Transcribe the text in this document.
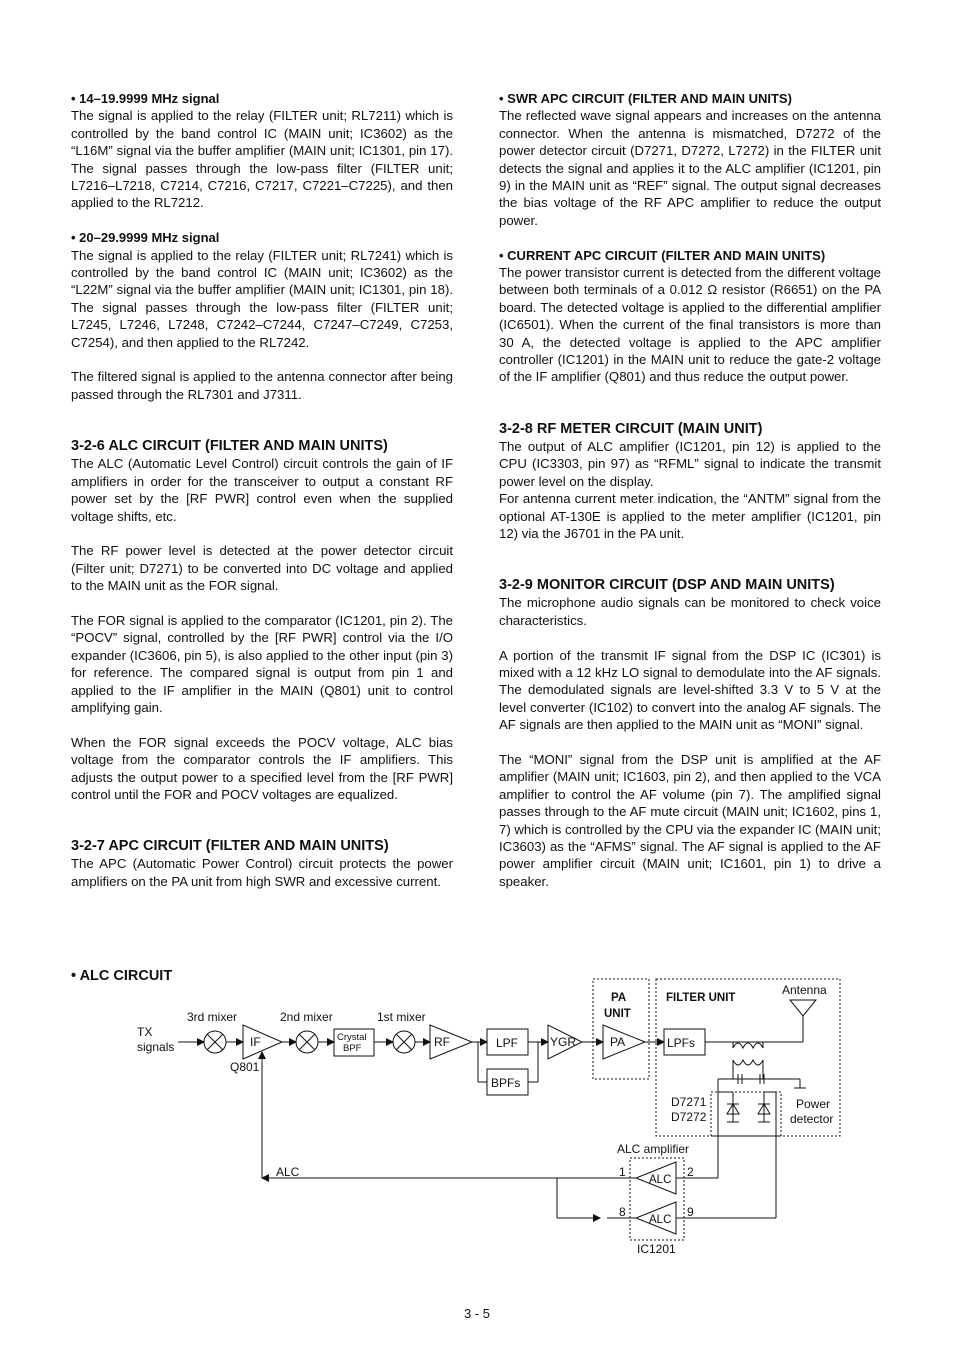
• 14–19.9999 MHz signal

The signal is applied to the relay (FILTER unit; RL7211) which is controlled by the band control IC (MAIN unit; IC3602) as the “L16M” signal via the buffer amplifier (MAIN unit; IC1301, pin 17). The signal passes through the low-pass filter (FILTER unit; L7216–L7218, C7214, C7216, C7217, C7221–C7225), and then applied to the RL7212.

• 20–29.9999 MHz signal

The signal is applied to the relay (FILTER unit; RL7241) which is controlled by the band control IC (MAIN unit; IC3602) as the “L22M” signal via the buffer amplifier (MAIN unit; IC1301, pin 18). The signal passes through the low-pass filter (FILTER unit; L7245, L7246, L7248, C7242–C7244, C7247–C7249, C7253, C7254), and then applied to the RL7242.

The filtered signal is applied to the antenna connector after being passed through the RL7301 and J7311.

3-2-6 ALC CIRCUIT (FILTER AND MAIN UNITS)

The ALC (Automatic Level Control) circuit controls the gain of IF amplifiers in order for the transceiver to output a constant RF power set by the [RF PWR] control even when the supplied voltage shifts, etc.

The RF power level is detected at the power detector circuit (Filter unit; D7271) to be converted into DC voltage and applied to the MAIN unit as the FOR signal.

The FOR signal is applied to the comparator (IC1201, pin 2). The “POCV” signal, controlled by the [RF PWR] control via the I/O expander (IC3606, pin 5), is also applied to the other input (pin 3) for reference. The compared signal is output from pin 1 and applied to the IF amplifier in the MAIN (Q801) unit to control amplifying gain.

When the FOR signal exceeds the POCV voltage, ALC bias voltage from the comparator controls the IF amplifiers. This adjusts the output power to a specified level from the [RF PWR] control until the FOR and POCV voltages are equalized.

3-2-7 APC CIRCUIT (FILTER AND MAIN UNITS)

The APC (Automatic Power Control) circuit protects the power amplifiers on the PA unit from high SWR and excessive current.

• SWR APC CIRCUIT (FILTER AND MAIN UNITS)

The reflected wave signal appears and increases on the antenna connector. When the antenna is mismatched, D7272 of the power detector circuit (D7271, D7272, L7272) in the FILTER unit detects the signal and applies it to the ALC amplifier (IC1201, pin 9) in the MAIN unit as “REF” signal. The output signal decreases the bias voltage of the RF APC amplifier to reduce the output power.

• CURRENT APC CIRCUIT (FILTER AND MAIN UNITS)

The power transistor current is detected from the different voltage between both terminals of a 0.012 Ω resistor (R6651) on the PA board. The detected voltage is applied to the differential amplifier (IC6501). When the current of the final transistors is more than 30 A, the detected voltage is applied to the APC amplifier controller (IC1201) in the MAIN unit to reduce the gate-2 voltage of the IF amplifier (Q801) and thus reduce the output power.

3-2-8 RF METER CIRCUIT (MAIN UNIT)

The output of ALC amplifier (IC1201, pin 12) is applied to the CPU (IC3303, pin 97) as “RFML” signal to indicate the transmit power level on the display.

For antenna current meter indication, the “ANTM” signal from the optional AT-130E is applied to the meter amplifier (IC1201, pin 12) via the J6701 in the PA unit.

3-2-9 MONITOR CIRCUIT (DSP AND MAIN UNITS)

The microphone audio signals can be monitored to check voice characteristics.

A portion of the transmit IF signal from the DSP IC (IC301) is mixed with a 12 kHz LO signal to demodulate into the AF signals. The demodulated signals are level-shifted 3.3 V to 5 V at the level converter (IC102) to convert into the analog AF signals. The AF signals are then applied to the MAIN unit as “MONI” signal.

The “MONI” signal from the DSP unit is amplified at the AF amplifier (MAIN unit; IC1603, pin 2), and then applied to the VCA amplifier to control the AF volume (pin 7). The amplified signal passes through to the AF mute circuit (MAIN unit; IC1602, pins 1, 7) which is controlled by the CPU via the expander IC (MAIN unit; IC3603) as the “AFMS” signal. The AF signal is applied to the AF power amplifier circuit (MAIN unit; IC1601, pin 1) to drive a speaker.

• ALC CIRCUIT
TX
signals
3rd mixer	2nd mixer	1st mixer
IF
Q801
Crystal
BPF	RF	LPF
BPFs
YGR
PA
UNIT
PA
FILTER UNIT
LPFs
Antenna
D7271
D7272
Power
detector
ALC amplifier
ALC
ALC
ALC
1	2
8	9
IC1201
3 - 5
